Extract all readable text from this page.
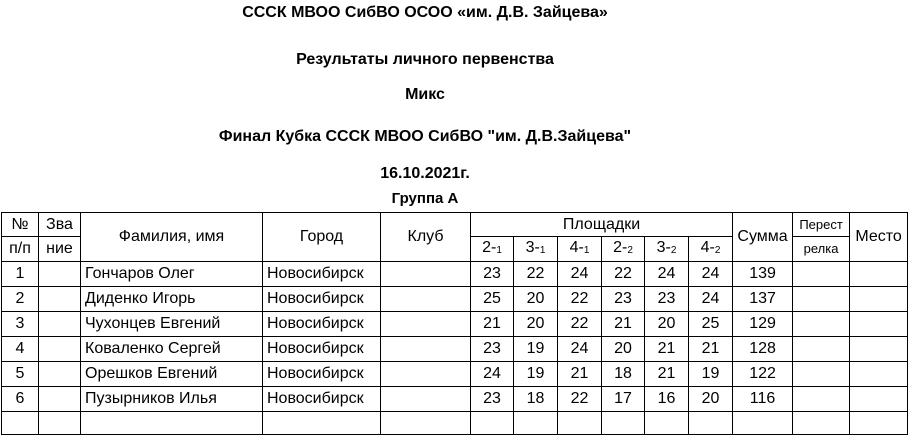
СССК МВОО СибВО ОСОО «им. Д.В. Зайцева»
Результаты личного первенства
Микс
Финал Кубка СССК МВОО СибВО "им. Д.В.Зайцева"
16.10.2021г.
Группа А
№	Зва	Фамилия, имя	Город	Клуб	Площадки						Сумма	Перест	Место
п/п	ние				2-1	3-1	4-1	2-2	3-2	4-2		релка	
1		Гончаров Олег	Новосибирск		23	22	24	22	24	24	139		
2		Диденко Игорь	Новосибирск		25	20	22	23	23	24	137		
3		Чухонцев Евгений	Новосибирск		21	20	22	21	20	25	129		
4		Коваленко Сергей	Новосибирск		23	19	24	20	21	21	128		
5		Орешков Евгений	Новосибирск		24	19	21	18	21	19	122		
6		Пузырников Илья	Новосибирск		23	18	22	17	16	20	116		
